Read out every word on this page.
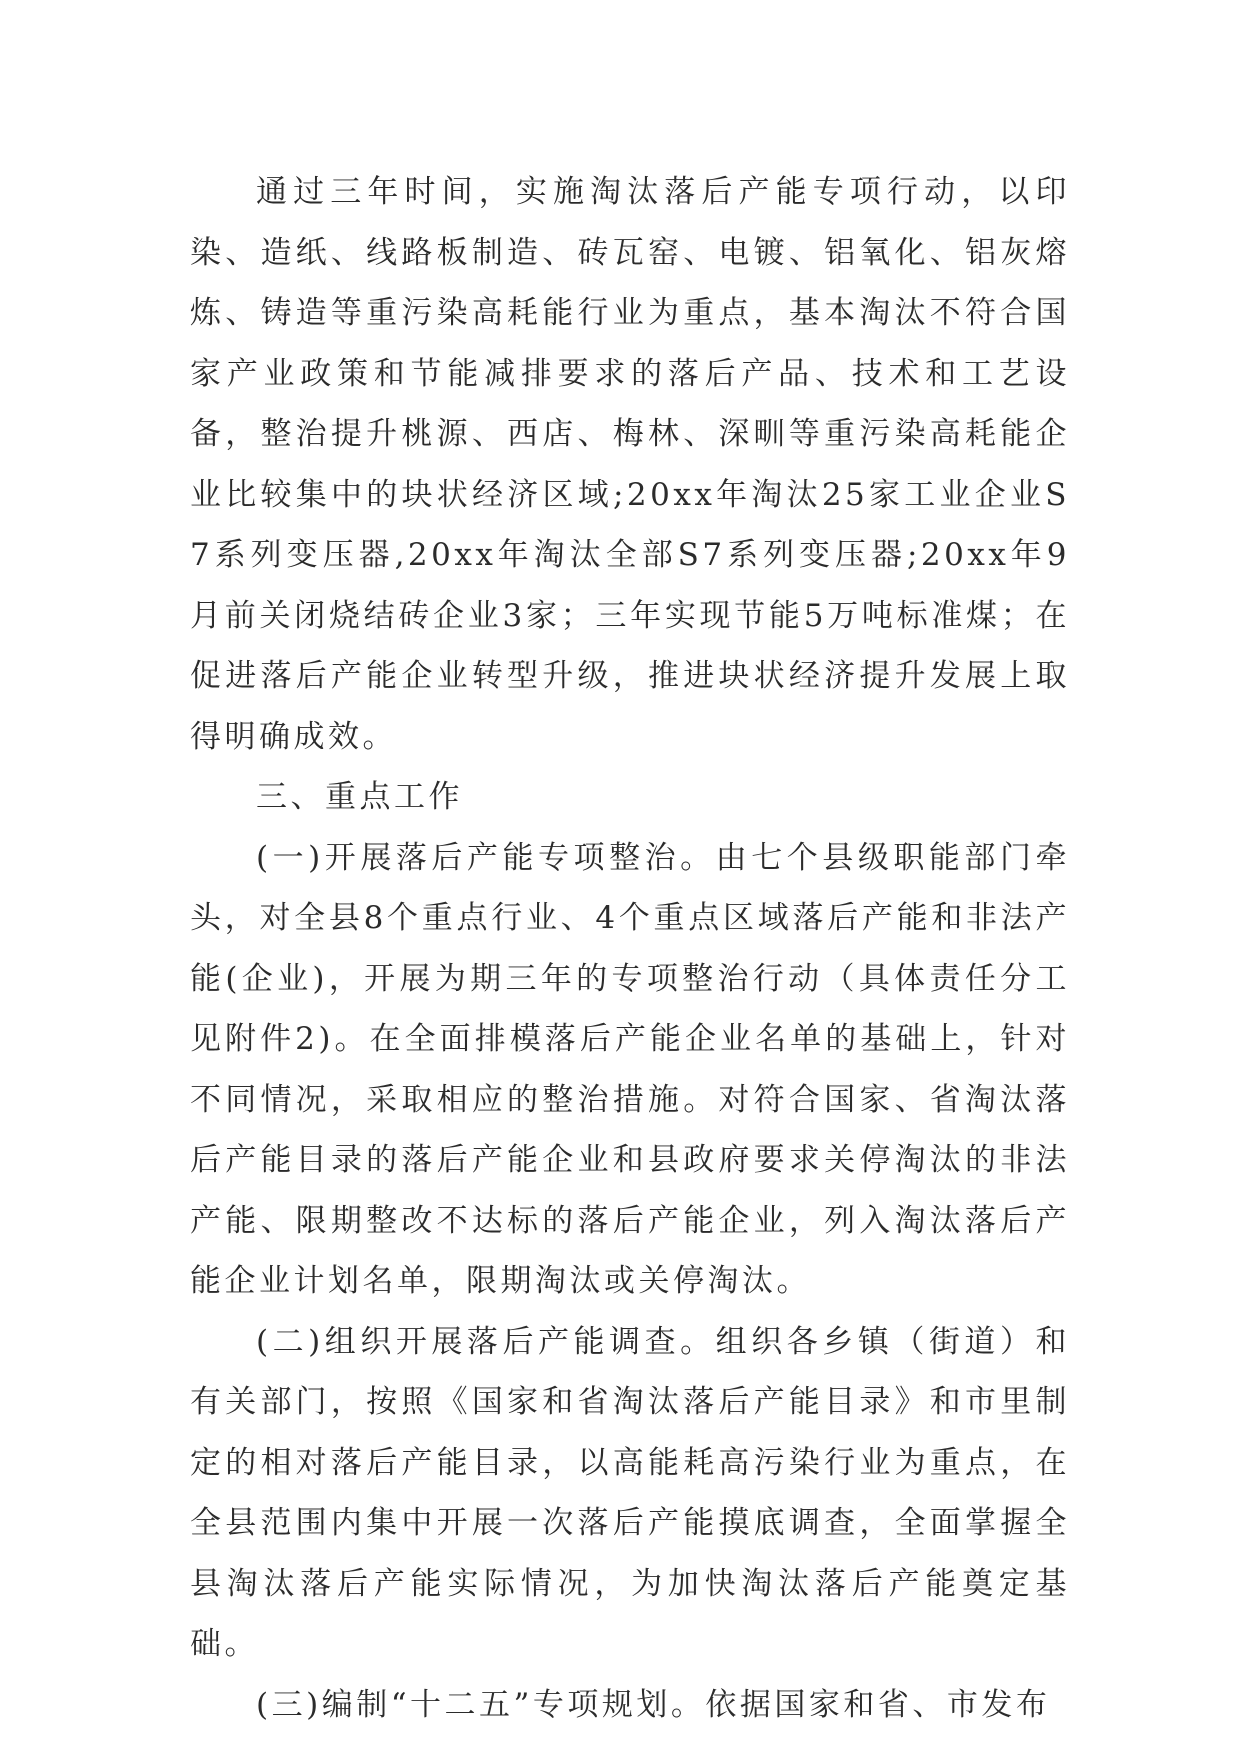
通过三年时间，实施淘汰落后产能专项行动，以印染、造纸、线路板制造、砖瓦窑、电镀、铝氧化、铝灰熔炼、铸造等重污染高耗能行业为重点，基本淘汰不符合国家产业政策和节能减排要求的落后产品、技术和工艺设备，整治提升桃源、西店、梅林、深甽等重污染高耗能企业比较集中的块状经济区域;20xx年淘汰25家工业企业S7系列变压器,20xx年淘汰全部S7系列变压器;20xx年9月前关闭烧结砖企业3家；三年实现节能5万吨标准煤；在促进落后产能企业转型升级，推进块状经济提升发展上取得明确成效。

三、重点工作

(一)开展落后产能专项整治。由七个县级职能部门牵头，对全县8个重点行业、4个重点区域落后产能和非法产能(企业)，开展为期三年的专项整治行动（具体责任分工见附件2)。在全面排模落后产能企业名单的基础上，针对不同情况，采取相应的整治措施。对符合国家、省淘汰落后产能目录的落后产能企业和县政府要求关停淘汰的非法产能、限期整改不达标的落后产能企业，列入淘汰落后产能企业计划名单，限期淘汰或关停淘汰。

(二)组织开展落后产能调查。组织各乡镇（街道）和有关部门，按照《国家和省淘汰落后产能目录》和市里制定的相对落后产能目录，以高能耗高污染行业为重点，在全县范围内集中开展一次落后产能摸底调查，全面掌握全县淘汰落后产能实际情况，为加快淘汰落后产能奠定基础。

(三)编制“十二五”专项规划。依据国家和省、市发布
